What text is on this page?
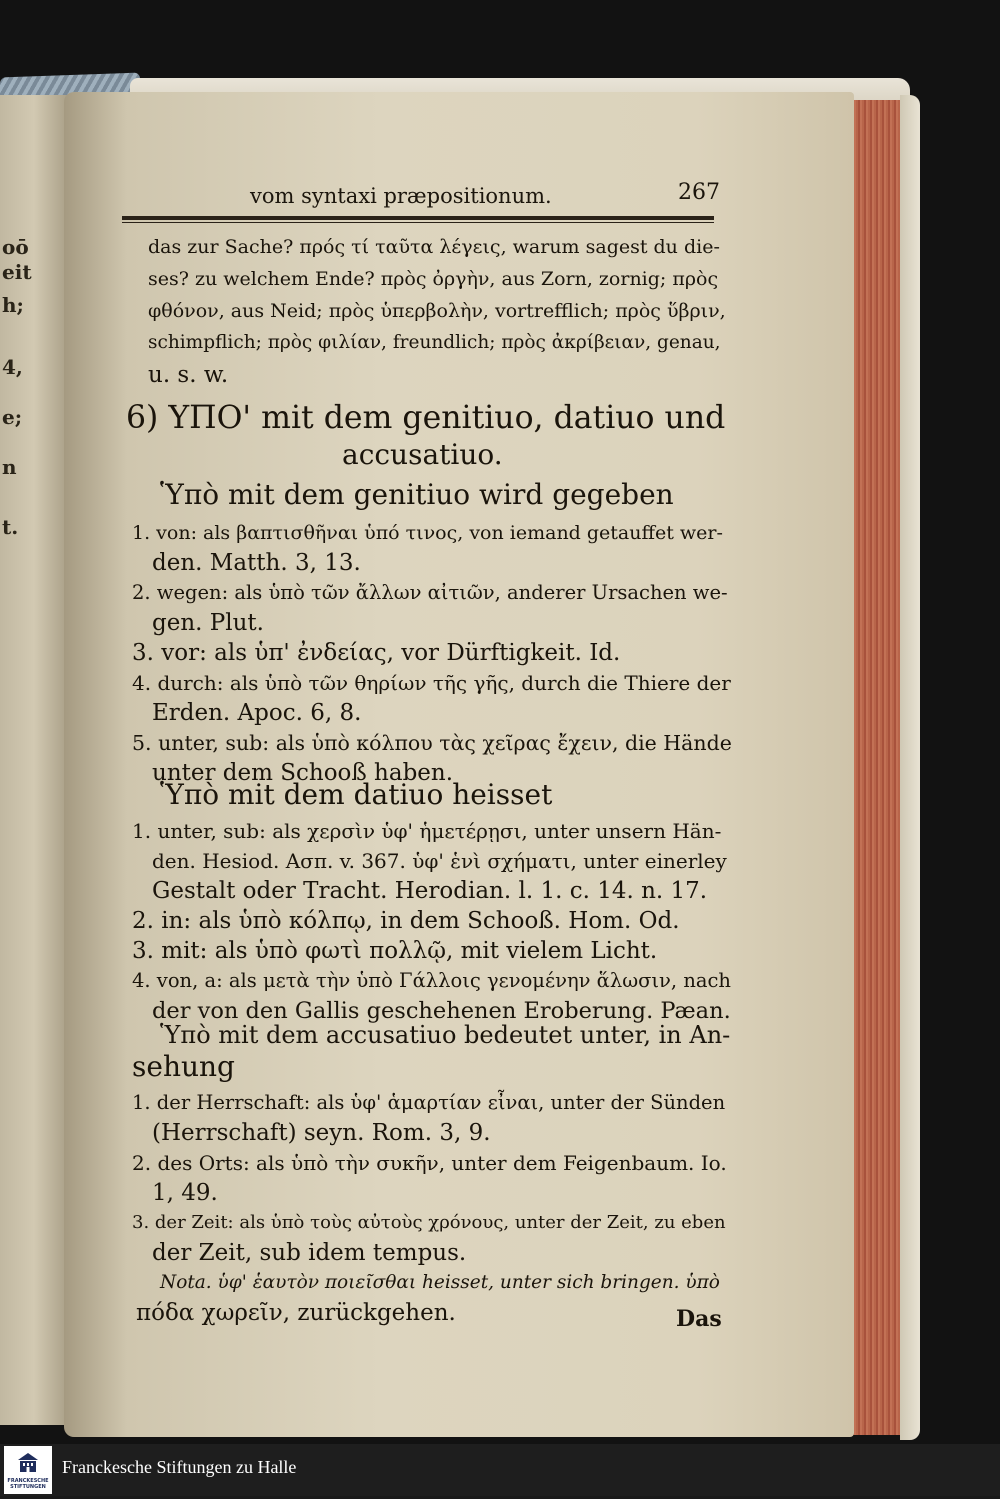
oō
eit
h;
4,
e;
n
t.
vom syntaxi præpositionum.	267
das zur Sache? πρός τί ταῦτα λέγεις, warum sagest du die-
ses? zu welchem Ende? πρὸς ὀργὴν, aus Zorn, zornig; πρὸς
φθόνον, aus Neid; πρὸς ὑπερβολὴν, vortrefflich; πρὸς ὕβριν,
schimpflich; πρὸς φιλίαν, freundlich; πρὸς ἀκρίβειαν, genau,
u. s. w.
6) ΥΠΟ' mit dem genitiuo, datiuo und
accusatiuo.
Ὑπὸ mit dem genitiuo wird gegeben
1. von: als βαπτισθῆναι ὑπό τινος, von iemand getauffet wer-
den. Matth. 3, 13.
2. wegen: als ὑπὸ τῶν ἄλλων αἰτιῶν, anderer Ursachen we-
gen. Plut.
3. vor: als ὑπ' ἐνδείας, vor Dürftigkeit. Id.
4. durch: als ὑπὸ τῶν θηρίων τῆς γῆς, durch die Thiere der
Erden. Apoc. 6, 8.
5. unter, sub: als ὑπὸ κόλπου τὰς χεῖρας ἔχειν, die Hände
unter dem Schooß haben.
Ὑπὸ mit dem datiuo heisset
1. unter, sub: als χερσὶν ὑφ' ἡμετέρῃσι, unter unsern Hän-
den. Hesiod. Ασπ. v. 367. ὑφ' ἑνὶ σχήματι, unter einerley
Gestalt oder Tracht. Herodian. l. 1. c. 14. n. 17.
2. in: als ὑπὸ κόλπῳ, in dem Schooß. Hom. Od.
3. mit: als ὑπὸ φωτὶ πολλῷ, mit vielem Licht.
4. von, a: als μετὰ τὴν ὑπὸ Γάλλοις γενομένην ἅλωσιν, nach
der von den Gallis geschehenen Eroberung. Pæan.
Ὑπὸ mit dem accusatiuo bedeutet unter, in An-
sehung
1. der Herrschaft: als ὑφ' ἁμαρτίαν εἶναι, unter der Sünden
(Herrschaft) seyn. Rom. 3, 9.
2. des Orts: als ὑπὸ τὴν συκῆν, unter dem Feigenbaum. Io.
1, 49.
3. der Zeit: als ὑπὸ τοὺς αὐτοὺς χρόνους, unter der Zeit, zu eben
der Zeit, sub idem tempus.
Nota. ὑφ' ἑαυτὸν ποιεῖσθαι heisset, unter sich bringen. ὑπὸ
πόδα χωρεῖν, zurückgehen.	Das
FRANCKESCHE STIFTUNGEN
Franckesche Stiftungen zu Halle
